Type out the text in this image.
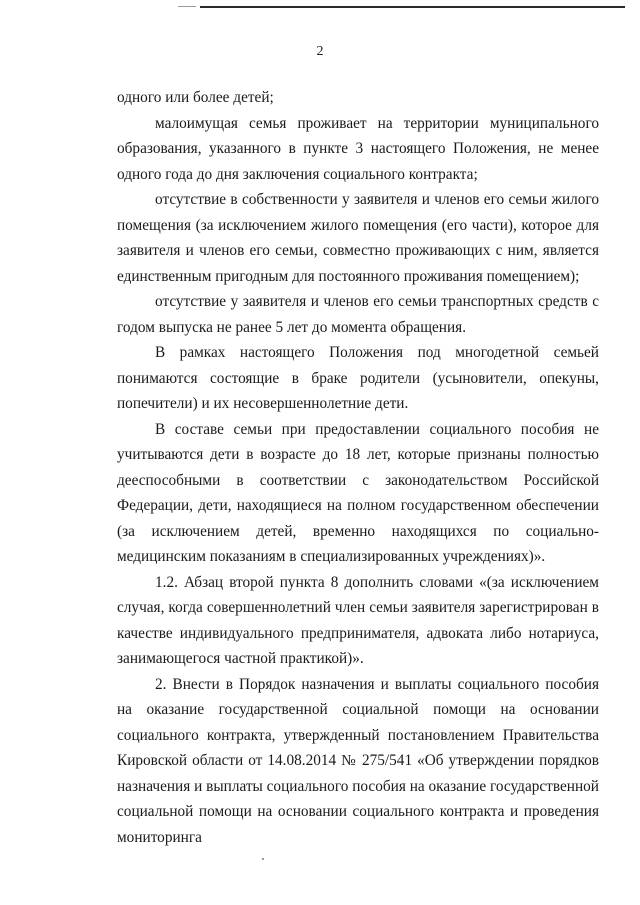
2

одного или более детей;

малоимущая семья проживает на территории муниципального образования, указанного в пункте 3 настоящего Положения, не менее одного года до дня заключения социального контракта;

отсутствие в собственности у заявителя и членов его семьи жилого помещения (за исключением жилого помещения (его части), которое для заявителя и членов его семьи, совместно проживающих с ним, является единственным пригодным для постоянного проживания помещением);

отсутствие у заявителя и членов его семьи транспортных средств с годом выпуска не ранее 5 лет до момента обращения.

В рамках настоящего Положения под многодетной семьей понимаются состоящие в браке родители (усыновители, опекуны, попечители) и их несовершеннолетние дети.

В составе семьи при предоставлении социального пособия не учитываются дети в возрасте до 18 лет, которые признаны полностью дееспособными в соответствии с законодательством Российской Федерации, дети, находящиеся на полном государственном обеспечении (за исключением детей, временно находящихся по социально-медицинским показаниям в специализированных учреждениях)».

1.2. Абзац второй пункта 8 дополнить словами «(за исключением случая, когда совершеннолетний член семьи заявителя зарегистрирован в качестве индивидуального предпринимателя, адвоката либо нотариуса, занимающегося частной практикой)».

2. Внести в Порядок назначения и выплаты социального пособия на оказание государственной социальной помощи на основании социального контракта, утвержденный постановлением Правительства Кировской области от 14.08.2014 № 275/541 «Об утверждении порядков назначения и выплаты социального пособия на оказание государственной социальной помощи на основании социального контракта и проведения мониторинга
